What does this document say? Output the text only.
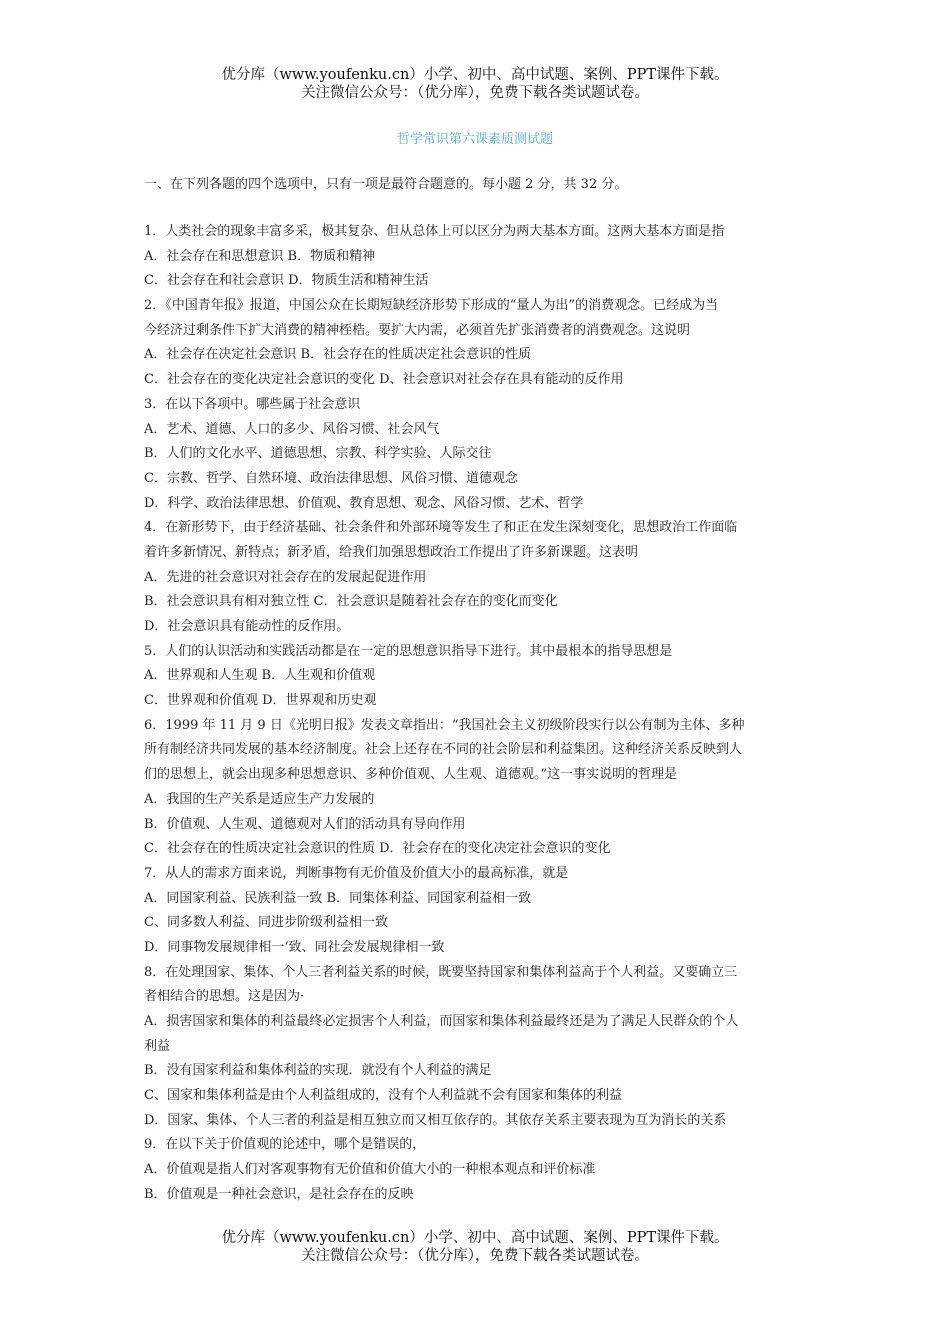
优分库（www.youfenku.cn）小学、初中、高中试题、案例、PPT课件下载。
关注微信公众号：（优分库），免费下载各类试题试卷。
哲学常识第六课素质测试题
一、在下列各题的四个选项中，只有一项是最符合题意的。每小题 2 分，共 32 分。
1．人类社会的现象丰富多采，极其复杂、但从总体上可以区分为两大基本方面。这两大基本方面是指
A．社会存在和思想意识 B．物质和精神
C．社会存在和社会意识 D．物质生活和精神生活
2．《中国青年报》报道，中国公众在长期短缺经济形势下形成的“量人为出”的消费观念。已经成为当
今经济过剩条件下扩大消费的精神桎梏。要扩大内需，必须首先扩张消费者的消费观念。这说明
A．社会存在决定社会意识 B．社会存在的性质决定社会意识的性质
C．社会存在的变化决定社会意识的变化 D、社会意识对社会存在具有能动的反作用
3．在以下各项中。哪些属于社会意识
A．艺术、道德、人口的多少、风俗习惯、社会风气
B．人们的文化水平、道德思想、宗教、科学实验、人际交往
C．宗教、哲学、自然环境、政治法律思想、风俗习惯、道德观念
D．科学、政治法律思想、价值观、教育思想、观念、风俗习惯、艺术、哲学
4．在新形势下，由于经济基础、社会条件和外部环境等发生了和正在发生深刻变化，思想政治工作面临
着许多新情况、新特点；新矛盾，给我们加强思想政治工作提出了许多新课题。这表明
A．先进的社会意识对社会存在的发展起促进作用
B．社会意识具有相对独立性 C．社会意识是随着社会存在的变化而变化
D．社会意识具有能动性的反作用。
5．人们的认识活动和实践活动都是在一定的思想意识指导下进行。其中最根本的指导思想是
A．世界观和人生观 B．人生观和价值观
C．世界观和价值观 D．世界观和历史观
6．1999 年 11 月 9 日《光明日报》发表文章指出：“我国社会主义初级阶段实行以公有制为主体、多种
所有制经济共同发展的基本经济制度。社会上还存在不同的社会阶层和利益集团。这种经济关系反映到人
们的思想上，就会出现多种思想意识、多种价值观、人生观、道德观。”这一事实说明的哲理是
A．我国的生产关系是适应生产力发展的
B．价值观、人生观、道德观对人们的活动具有导向作用
C．社会存在的性质决定社会意识的性质 D．社会存在的变化决定社会意识的变化
7．从人的需求方面来说，判断事物有无价值及价值大小的最高标准，就是
A．同国家利益、民族利益一致 B．同集体利益、同国家利益相一致
C、同多数人利益、同进步阶级利益相一致
D．同事物发展规律相一‘致、同社会发展规律相一致
8．在处理国家、集体、个人三者利益关系的时候，既要坚持国家和集体利益高于个人利益。又要确立三
者相结合的思想。这是因为·
A．损害国家和集体的利益最终必定损害个人利益，而国家和集体利益最终还是为了满足人民群众的个人
利益
B．没有国家利益和集体利益的实现．就没有个人利益的满足
C、国家和集体利益是由个人利益组成的，没有个人利益就不会有国家和集体的利益
D．国家、集体、个人三者的利益是相互独立而又相互依存的。其依存关系主要表现为互为消长的关系
9．在以下关于价值观的论述中，哪个是错误的，
A．价值观是指人们对客观事物有无价值和价值大小的一种根本观点和评价标准
B．价值观是一种社会意识，是社会存在的反映
优分库（www.youfenku.cn）小学、初中、高中试题、案例、PPT课件下载。
关注微信公众号：（优分库），免费下载各类试题试卷。
